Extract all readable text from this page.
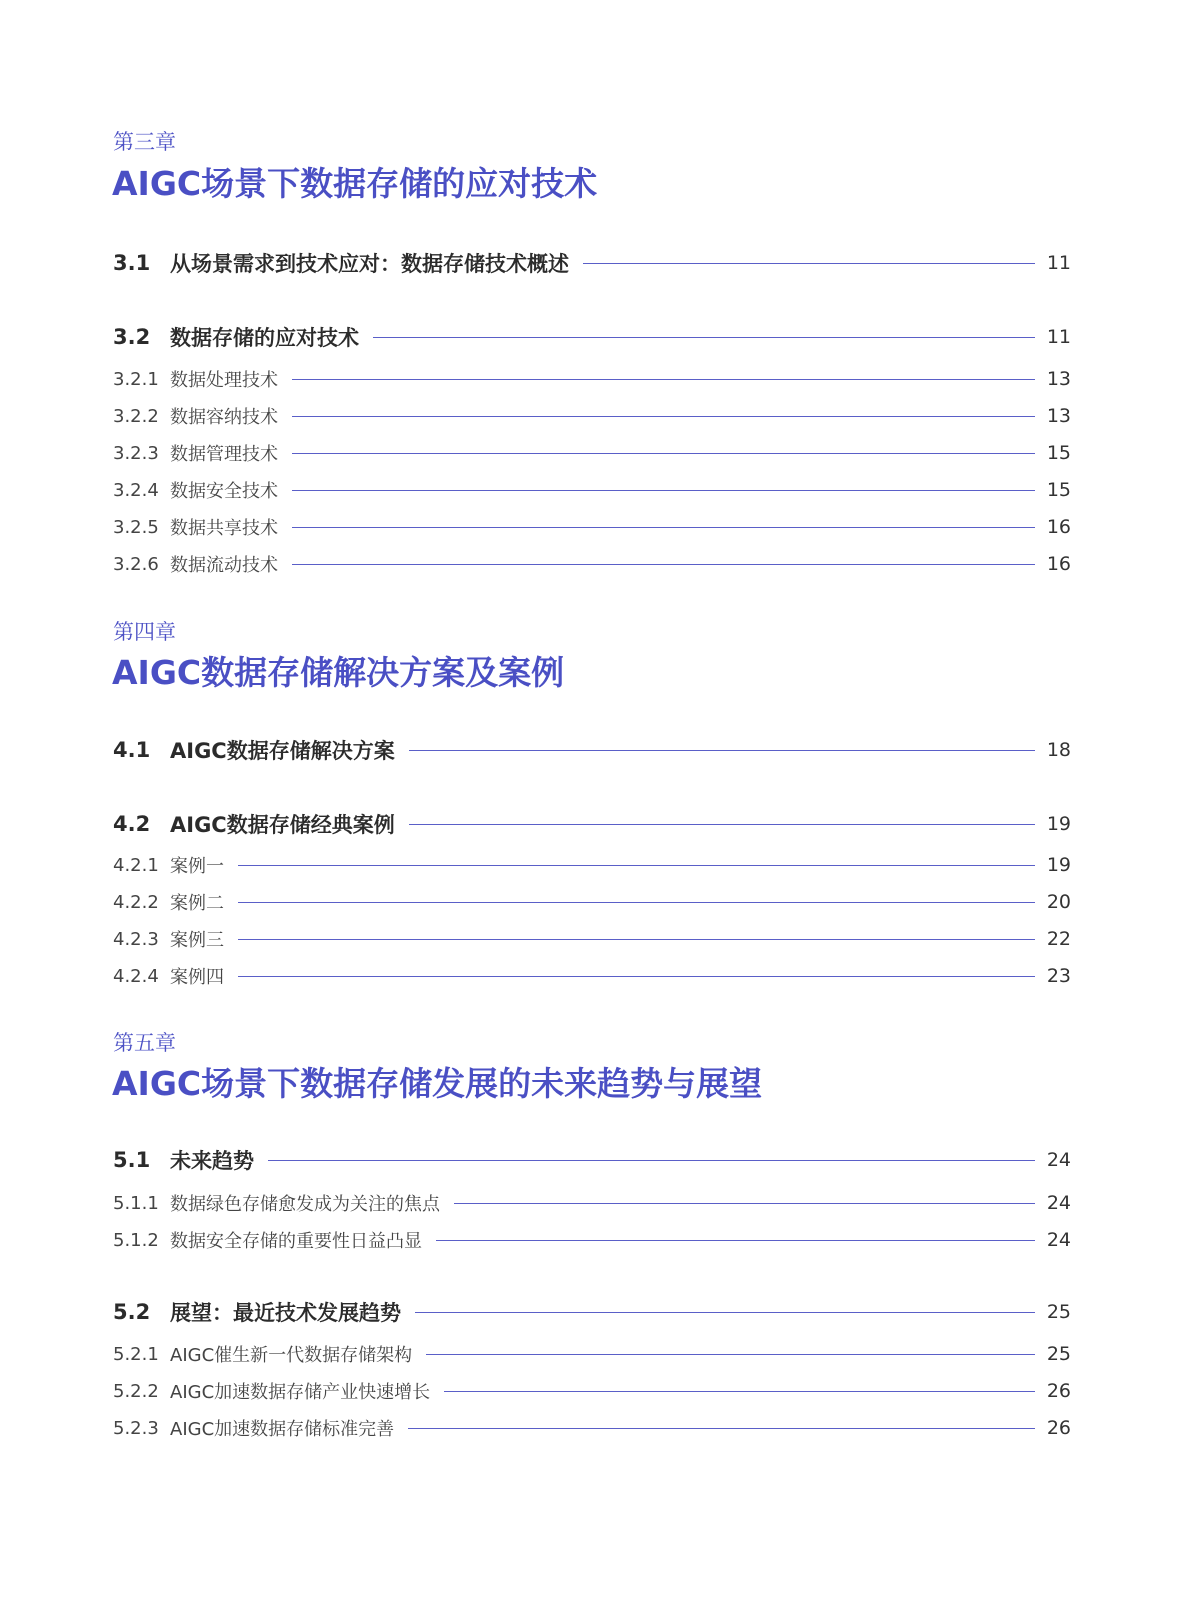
第三章
AIGC场景下数据存储的应对技术
3.1 从场景需求到技术应对：数据存储技术概述	11
3.2 数据存储的应对技术	11
3.2.1 数据处理技术	13
3.2.2 数据容纳技术	13
3.2.3 数据管理技术	15
3.2.4 数据安全技术	15
3.2.5 数据共享技术	16
3.2.6 数据流动技术	16
第四章
AIGC数据存储解决方案及案例
4.1 AIGC数据存储解决方案	18
4.2 AIGC数据存储经典案例	19
4.2.1 案例一	19
4.2.2 案例二	20
4.2.3 案例三	22
4.2.4 案例四	23
第五章
AIGC场景下数据存储发展的未来趋势与展望
5.1 未来趋势	24
5.1.1 数据绿色存储愈发成为关注的焦点	24
5.1.2 数据安全存储的重要性日益凸显	24
5.2 展望：最近技术发展趋势	25
5.2.1 AIGC催生新一代数据存储架构	25
5.2.2 AIGC加速数据存储产业快速增长	26
5.2.3 AIGC加速数据存储标准完善	26
